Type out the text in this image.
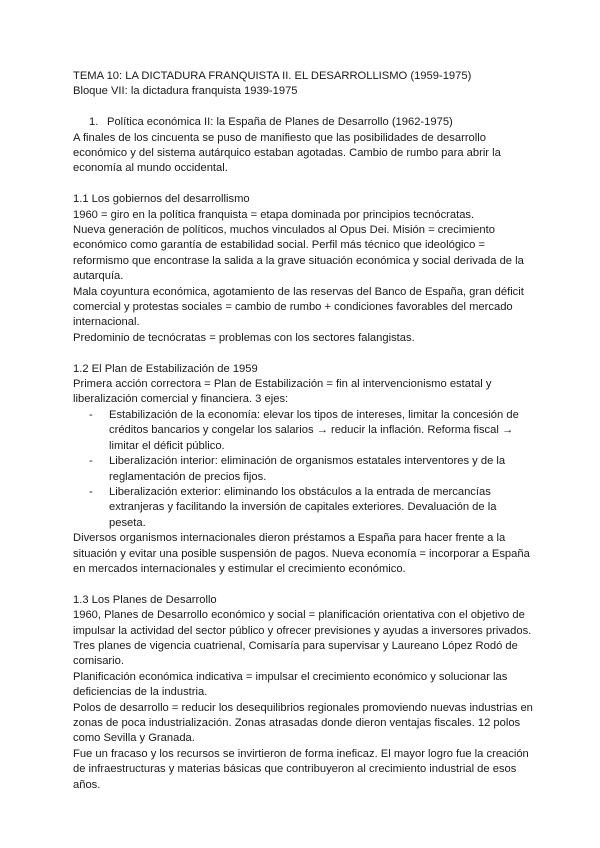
TEMA 10: LA DICTADURA FRANQUISTA II. EL DESARROLLISMO (1959-1975)

Bloque VII: la dictadura franquista 1939-1975

1. Política económica II: la España de Planes de Desarrollo (1962-1975)

A finales de los cincuenta se puso de manifiesto que las posibilidades de desarrollo económico y del sistema autárquico estaban agotadas. Cambio de rumbo para abrir la economía al mundo occidental.

1.1 Los gobiernos del desarrollismo

1960 = giro en la política franquista = etapa dominada por principios tecnócratas.

Nueva generación de políticos, muchos vinculados al Opus Dei. Misión = crecimiento económico como garantía de estabilidad social. Perfil más técnico que ideológico = reformismo que encontrase la salida a la grave situación económica y social derivada de la autarquía.

Mala coyuntura económica, agotamiento de las reservas del Banco de España, gran déficit comercial y protestas sociales = cambio de rumbo + condiciones favorables del mercado internacional.

Predominio de tecnócratas = problemas con los sectores falangistas.

1.2 El Plan de Estabilización de 1959

Primera acción correctora = Plan de Estabilización = fin al intervencionismo estatal y liberalización comercial y financiera. 3 ejes:

-	Estabilización de la economía: elevar los tipos de intereses, limitar la concesión de créditos bancarios y congelar los salarios → reducir la inflación. Reforma fiscal → limitar el déficit público.
-	Liberalización interior: eliminación de organismos estatales interventores y de la reglamentación de precios fijos.
-	Liberalización exterior: eliminando los obstáculos a la entrada de mercancías extranjeras y facilitando la inversión de capitales exteriores. Devaluación de la peseta.

Diversos organismos internacionales dieron préstamos a España para hacer frente a la situación y evitar una posible suspensión de pagos. Nueva economía = incorporar a España en mercados internacionales y estimular el crecimiento económico.

1.3 Los Planes de Desarrollo

1960, Planes de Desarrollo económico y social = planificación orientativa con el objetivo de impulsar la actividad del sector público y ofrecer previsiones y ayudas a inversores privados. Tres planes de vigencia cuatrienal, Comisaría para supervisar y Laureano López Rodó de comisario.

Planificación económica indicativa = impulsar el crecimiento económico y solucionar las deficiencias de la industria.

Polos de desarrollo = reducir los desequilibrios regionales promoviendo nuevas industrias en zonas de poca industrialización. Zonas atrasadas donde dieron ventajas fiscales. 12 polos como Sevilla y Granada.

Fue un fracaso y los recursos se invirtieron de forma ineficaz. El mayor logro fue la creación de infraestructuras y materias básicas que contribuyeron al crecimiento industrial de esos años.
